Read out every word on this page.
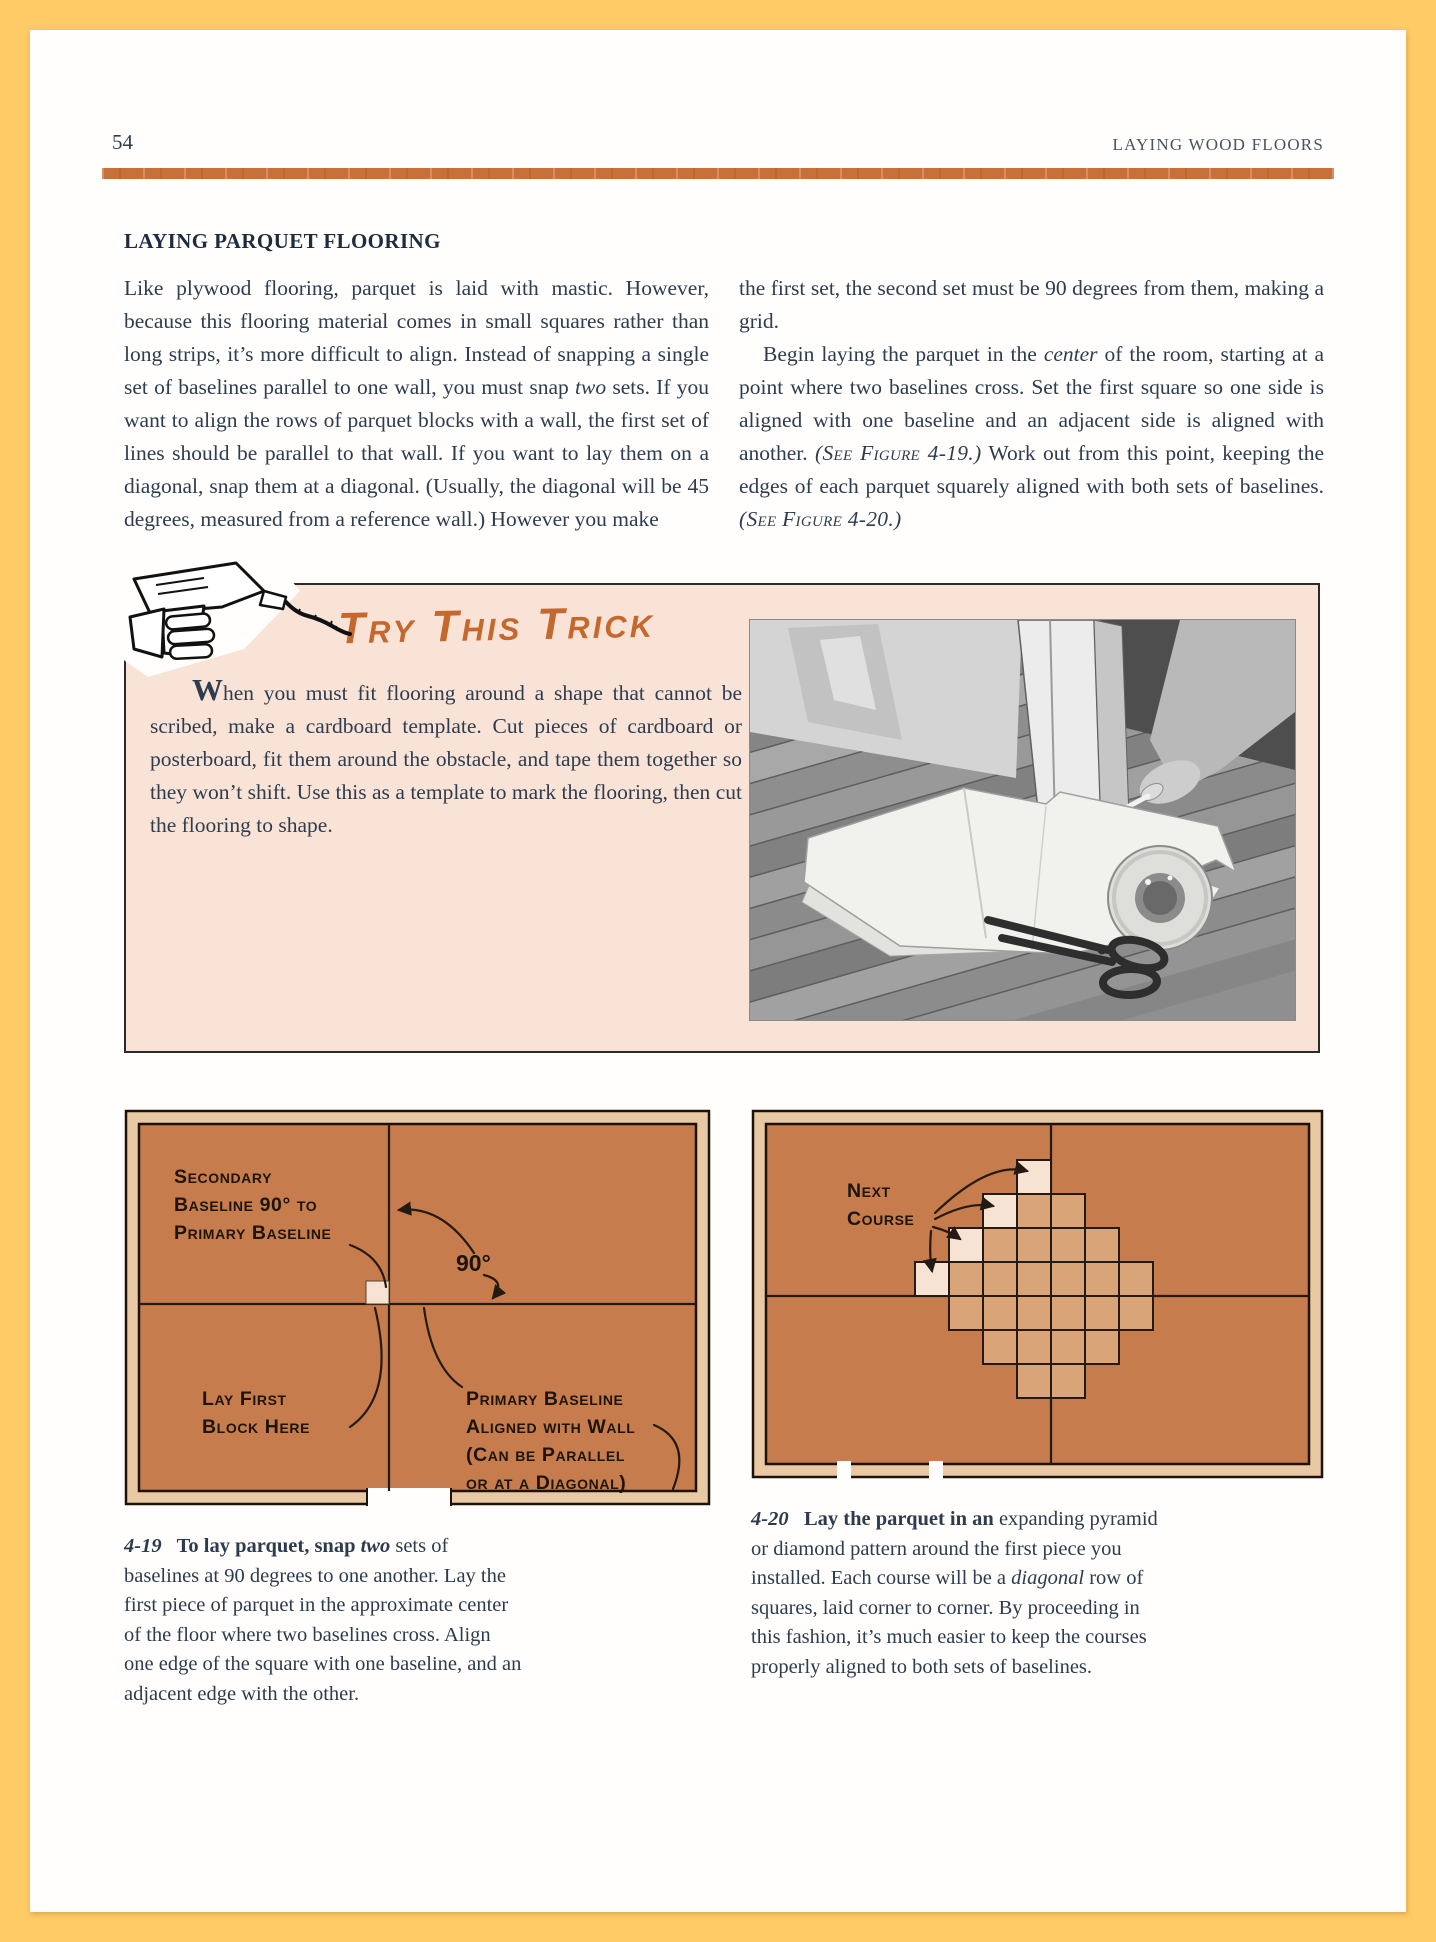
54	LAYING WOOD FLOORS
LAYING PARQUET FLOORING

Like plywood flooring, parquet is laid with mastic. However, because this flooring material comes in small squares rather than long strips, it’s more difficult to align. Instead of snapping a single set of baselines parallel to one wall, you must snap two sets. If you want to align the rows of parquet blocks with a wall, the first set of lines should be parallel to that wall. If you want to lay them on a diagonal, snap them at a diagonal. (Usually, the diagonal will be 45 degrees, measured from a reference wall.) However you make

the first set, the second set must be 90 degrees from them, making a grid.

Begin laying the parquet in the center of the room, starting at a point where two baselines cross. Set the first square so one side is aligned with one baseline and an adjacent side is aligned with another. (See Figure 4-19.) Work out from this point, keeping the edges of each parquet squarely aligned with both sets of baselines. (See Figure 4-20.)

Try This Trick

When you must fit flooring around a shape that cannot be scribed, make a cardboard template. Cut pieces of cardboard or posterboard, fit them around the obstacle, and tape them together so they won’t shift. Use this as a template to mark the flooring, then cut the flooring to shape.

Secondary
Baseline 90° to
Primary Baseline
90°
Lay First
Block Here
Primary Baseline
Aligned with Wall
(Can be Parallel
or at a Diagonal)

4-19 To lay parquet, snap two sets of baselines at 90 degrees to one another. Lay the first piece of parquet in the approximate center of the floor where two baselines cross. Align one edge of the square with one baseline, and an adjacent edge with the other.

Next
Course

4-20 Lay the parquet in an expanding pyramid or diamond pattern around the first piece you installed. Each course will be a diagonal row of squares, laid corner to corner. By proceeding in this fashion, it’s much easier to keep the courses properly aligned to both sets of baselines.
